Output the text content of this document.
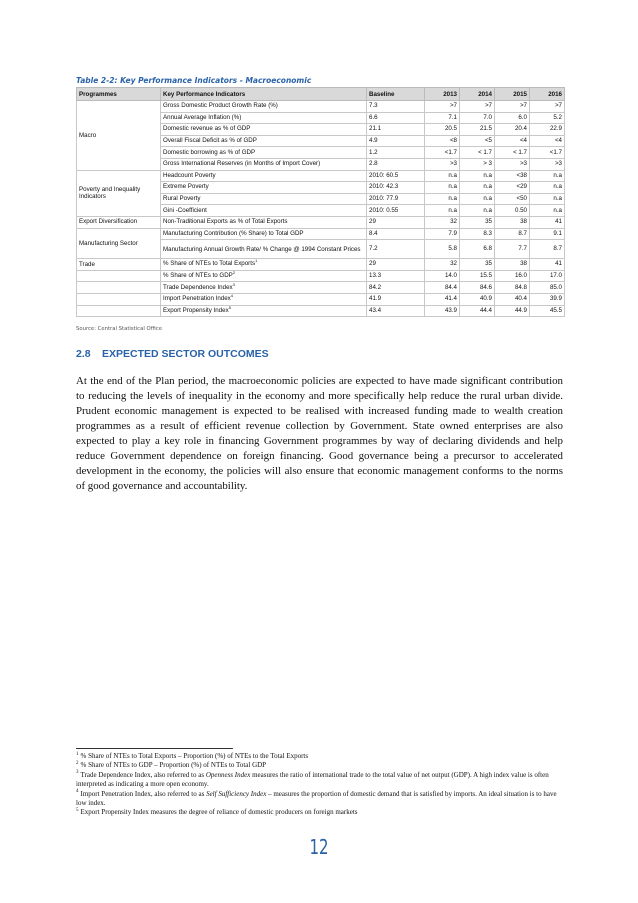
Table 2-2: Key Performance Indicators - Macroeconomic
Programmes	Key Performance Indicators	Baseline	2013	2014	2015	2016
Macro	Gross Domestic Product Growth Rate (%)	7.3	>7	>7	>7	>7
	Annual Average Inflation (%)	6.6	7.1	7.0	6.0	5.2
	Domestic revenue as % of GDP	21.1	20.5	21.5	20.4	22.9
	Overall Fiscal Deficit as % of GDP	4.9	<8	<5	<4	<4
	Domestic borrowing as % of GDP	1.2	<1.7	< 1.7	< 1.7	<1.7
	Gross International Reserves (in Months of Import Cover)	2.8	>3	> 3	>3	>3
Poverty and Inequality Indicators	Headcount Poverty	2010: 60.5	n.a	n.a	<38	n.a
	Extreme Poverty	2010: 42.3	n.a	n.a	<29	n.a
	Rural Poverty	2010: 77.9	n.a	n.a	<50	n.a
	Gini -Coefficient	2010: 0.55	n.a	n.a	0.50	n.a
Export Diversification	Non-Traditional Exports as % of Total Exports	29	32	35	38	41
Manufacturing Sector	Manufacturing Contribution (% Share) to Total GDP	8.4	7.9	8.3	8.7	9.1
	Manufacturing Annual Growth Rate/ % Change @ 1994 Constant Prices	7.2	5.8	6.8	7.7	8.7
Trade	% Share of NTEs to Total Exports$^1$	29	32	35	38	41
	% Share of NTEs to GDP$^2$	13.3	14.0	15.5	16.0	17.0
	Trade Dependence Index$^3$	84.2	84.4	84.6	84.8	85.0
	Import Penetration Index$^4$	41.9	41.4	40.9	40.4	39.9
	Export Propensity Index$^5$	43.4	43.9	44.4	44.9	45.5
Source: Central Statistical Office
2.8 EXPECTED SECTOR OUTCOMES
At the end of the Plan period, the macroeconomic policies are expected to have made significant contribution to reducing the levels of inequality in the economy and more specifically help reduce the rural urban divide. Prudent economic management is expected to be realised with increased funding made to wealth creation programmes as a result of efficient revenue collection by Government. State owned enterprises are also expected to play a key role in financing Government programmes by way of declaring dividends and help reduce Government dependence on foreign financing. Good governance being a precursor to accelerated development in the economy, the policies will also ensure that economic management conforms to the norms of good governance and accountability.
$^1$ % Share of NTEs to Total Exports – Proportion (%) of NTEs to the Total Exports
$^2$ % Share of NTEs to GDP – Proportion (%) of NTEs to Total GDP
$^3$ Trade Dependence Index, also referred to as Openness Index measures the ratio of international trade to the total value of net output (GDP). A high index value is often interpreted as indicating a more open economy.
$^4$ Import Penetration Index, also referred to as Self Sufficiency Index – measures the proportion of domestic demand that is satisfied by imports. An ideal situation is to have low index.
$^5$ Export Propensity Index measures the degree of reliance of domestic producers on foreign markets
12
